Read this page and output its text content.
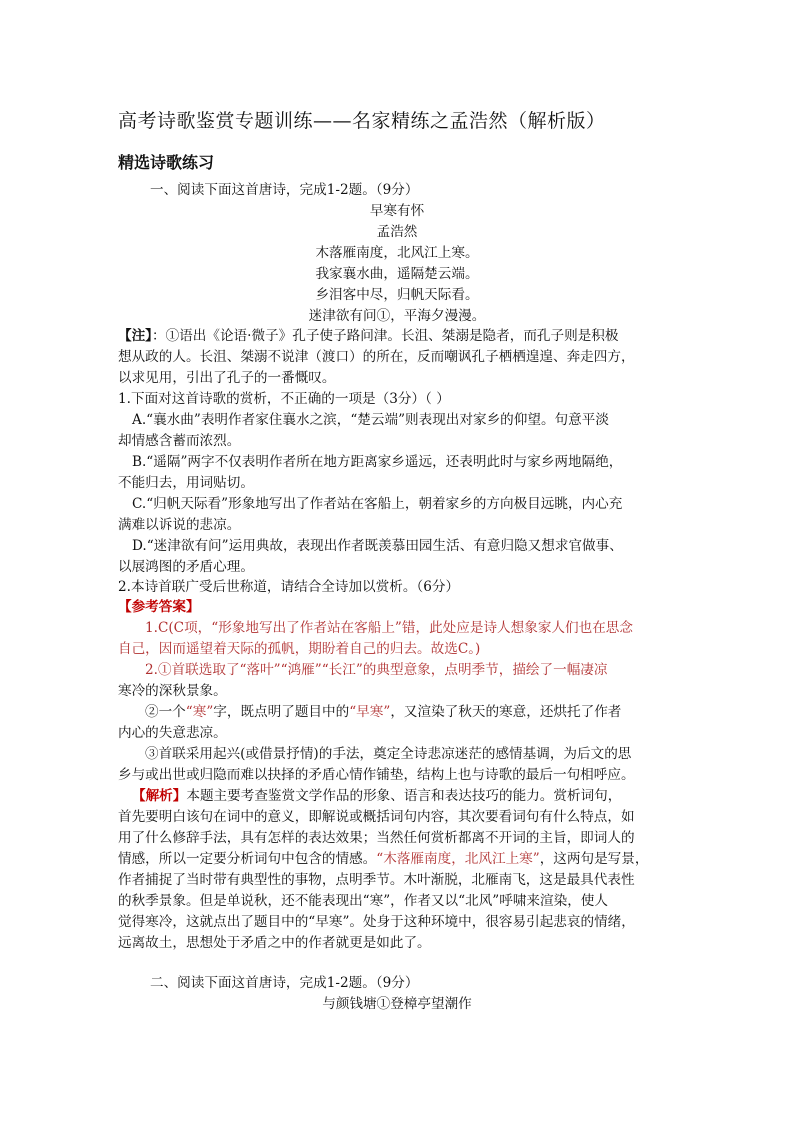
高考诗歌鉴赏专题训练——名家精练之孟浩然（解析版）
精选诗歌练习
一、阅读下面这首唐诗，完成1-2题。（9分）
早寒有怀
孟浩然
木落雁南度，北风江上寒。
我家襄水曲，遥隔楚云端。
乡泪客中尽，归帆天际看。
迷津欲有问①，平海夕漫漫。
【注】：①语出《论语·微子》孔子使子路问津。长沮、桀溺是隐者，而孔子则是积极
想从政的人。长沮、桀溺不说津（渡口）的所在，反而嘲讽孔子栖栖遑遑、奔走四方，
以求见用，引出了孔子的一番慨叹。
1.下面对这首诗歌的赏析，不正确的一项是（3分）（ ）
A.“襄水曲”表明作者家住襄水之滨，“楚云端”则表现出对家乡的仰望。句意平淡
却情感含蓄而浓烈。
B.“遥隔”两字不仅表明作者所在地方距离家乡遥远，还表明此时与家乡两地隔绝，
不能归去，用词贴切。
C.“归帆天际看”形象地写出了作者站在客船上，朝着家乡的方向极目远眺，内心充
满难以诉说的悲凉。
D.“迷津欲有问”运用典故，表现出作者既羡慕田园生活、有意归隐又想求官做事、
以展鸿图的矛盾心理。
2.本诗首联广受后世称道，请结合全诗加以赏析。（6分）
【参考答案】
1.C(C项，“形象地写出了作者站在客船上”错，此处应是诗人想象家人们也在思念
自己，因而遥望着天际的孤帆，期盼着自己的归去。故选C。)
2.①首联选取了“落叶”“鸿雁”“长江”的典型意象，点明季节，描绘了一幅凄凉
寒冷的深秋景象。
②一个“寒”字，既点明了题目中的“早寒”，又渲染了秋天的寒意，还烘托了作者
内心的失意悲凉。
③首联采用起兴(或借景抒情)的手法，奠定全诗悲凉迷茫的感情基调，为后文的思
乡与或出世或归隐而难以抉择的矛盾心情作铺垫，结构上也与诗歌的最后一句相呼应。
【解析】本题主要考查鉴赏文学作品的形象、语言和表达技巧的能力。赏析词句，
首先要明白该句在词中的意义，即解说或概括词句内容，其次要看词句有什么特点，如
用了什么修辞手法，具有怎样的表达效果；当然任何赏析都离不开词的主旨，即词人的
情感，所以一定要分析词句中包含的情感。“木落雁南度，北风江上寒”，这两句是写景，
作者捕捉了当时带有典型性的事物，点明季节。木叶渐脱，北雁南飞，这是最具代表性
的秋季景象。但是单说秋，还不能表现出“寒”，作者又以“北风”呼啸来渲染，使人
觉得寒冷，这就点出了题目中的“早寒”。处身于这种环境中，很容易引起悲哀的情绪，
远离故土，思想处于矛盾之中的作者就更是如此了。
二、阅读下面这首唐诗，完成1-2题。（9分）
与颜钱塘①登樟亭望潮作
